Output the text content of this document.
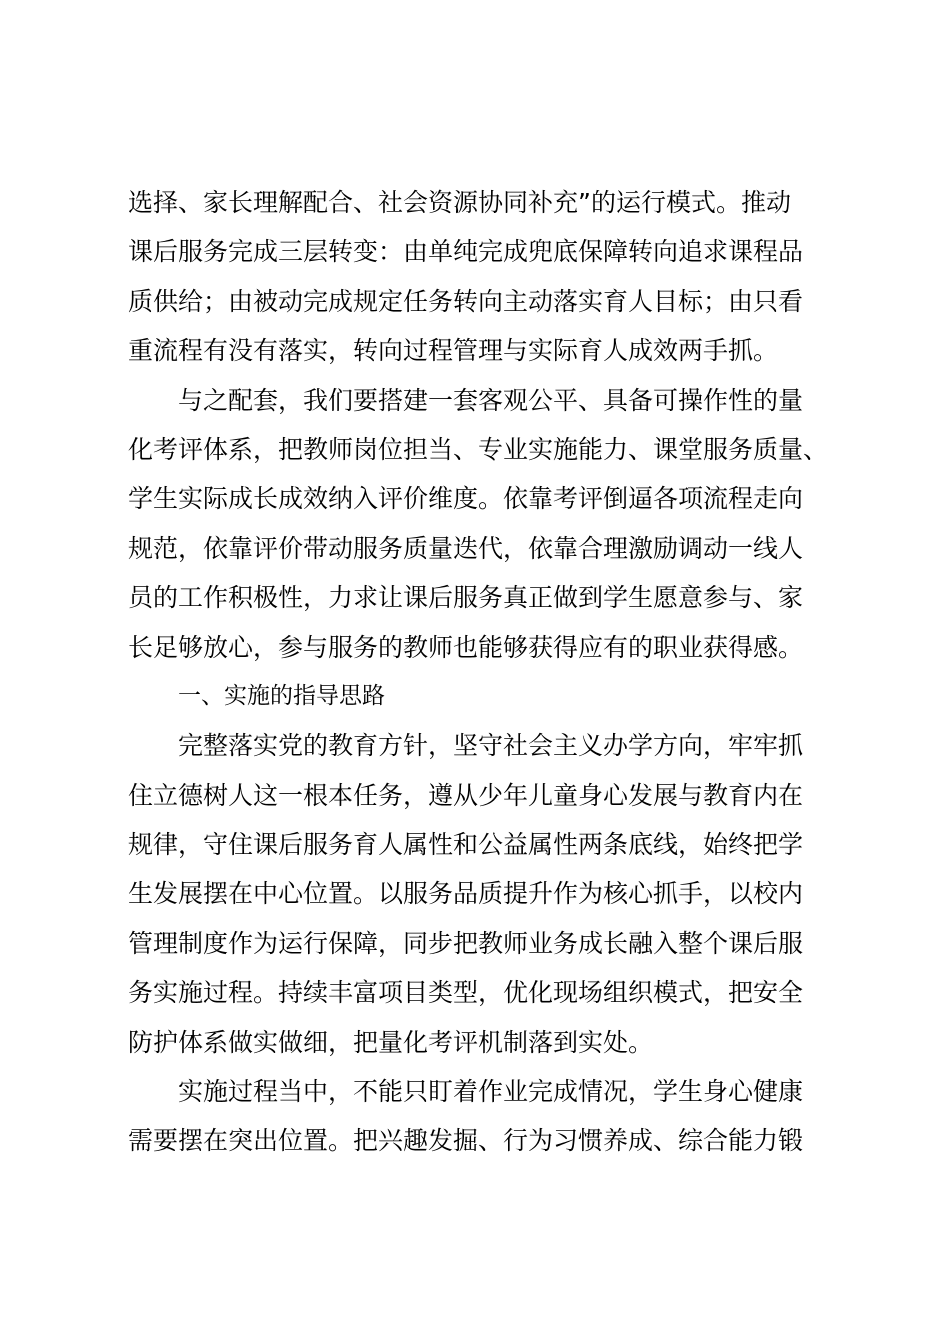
选择、家长理解配合、社会资源协同补充”的运行模式。推动
课后服务完成三层转变：由单纯完成兜底保障转向追求课程品
质供给；由被动完成规定任务转向主动落实育人目标；由只看
重流程有没有落实，转向过程管理与实际育人成效两手抓。
与之配套，我们要搭建一套客观公平、具备可操作性的量
化考评体系，把教师岗位担当、专业实施能力、课堂服务质量、
学生实际成长成效纳入评价维度。依靠考评倒逼各项流程走向
规范，依靠评价带动服务质量迭代，依靠合理激励调动一线人
员的工作积极性，力求让课后服务真正做到学生愿意参与、家
长足够放心，参与服务的教师也能够获得应有的职业获得感。
一、实施的指导思路
完整落实党的教育方针，坚守社会主义办学方向，牢牢抓
住立德树人这一根本任务，遵从少年儿童身心发展与教育内在
规律，守住课后服务育人属性和公益属性两条底线，始终把学
生发展摆在中心位置。以服务品质提升作为核心抓手，以校内
管理制度作为运行保障，同步把教师业务成长融入整个课后服
务实施过程。持续丰富项目类型，优化现场组织模式，把安全
防护体系做实做细，把量化考评机制落到实处。
实施过程当中，不能只盯着作业完成情况，学生身心健康
需要摆在突出位置。把兴趣发掘、行为习惯养成、综合能力锻
